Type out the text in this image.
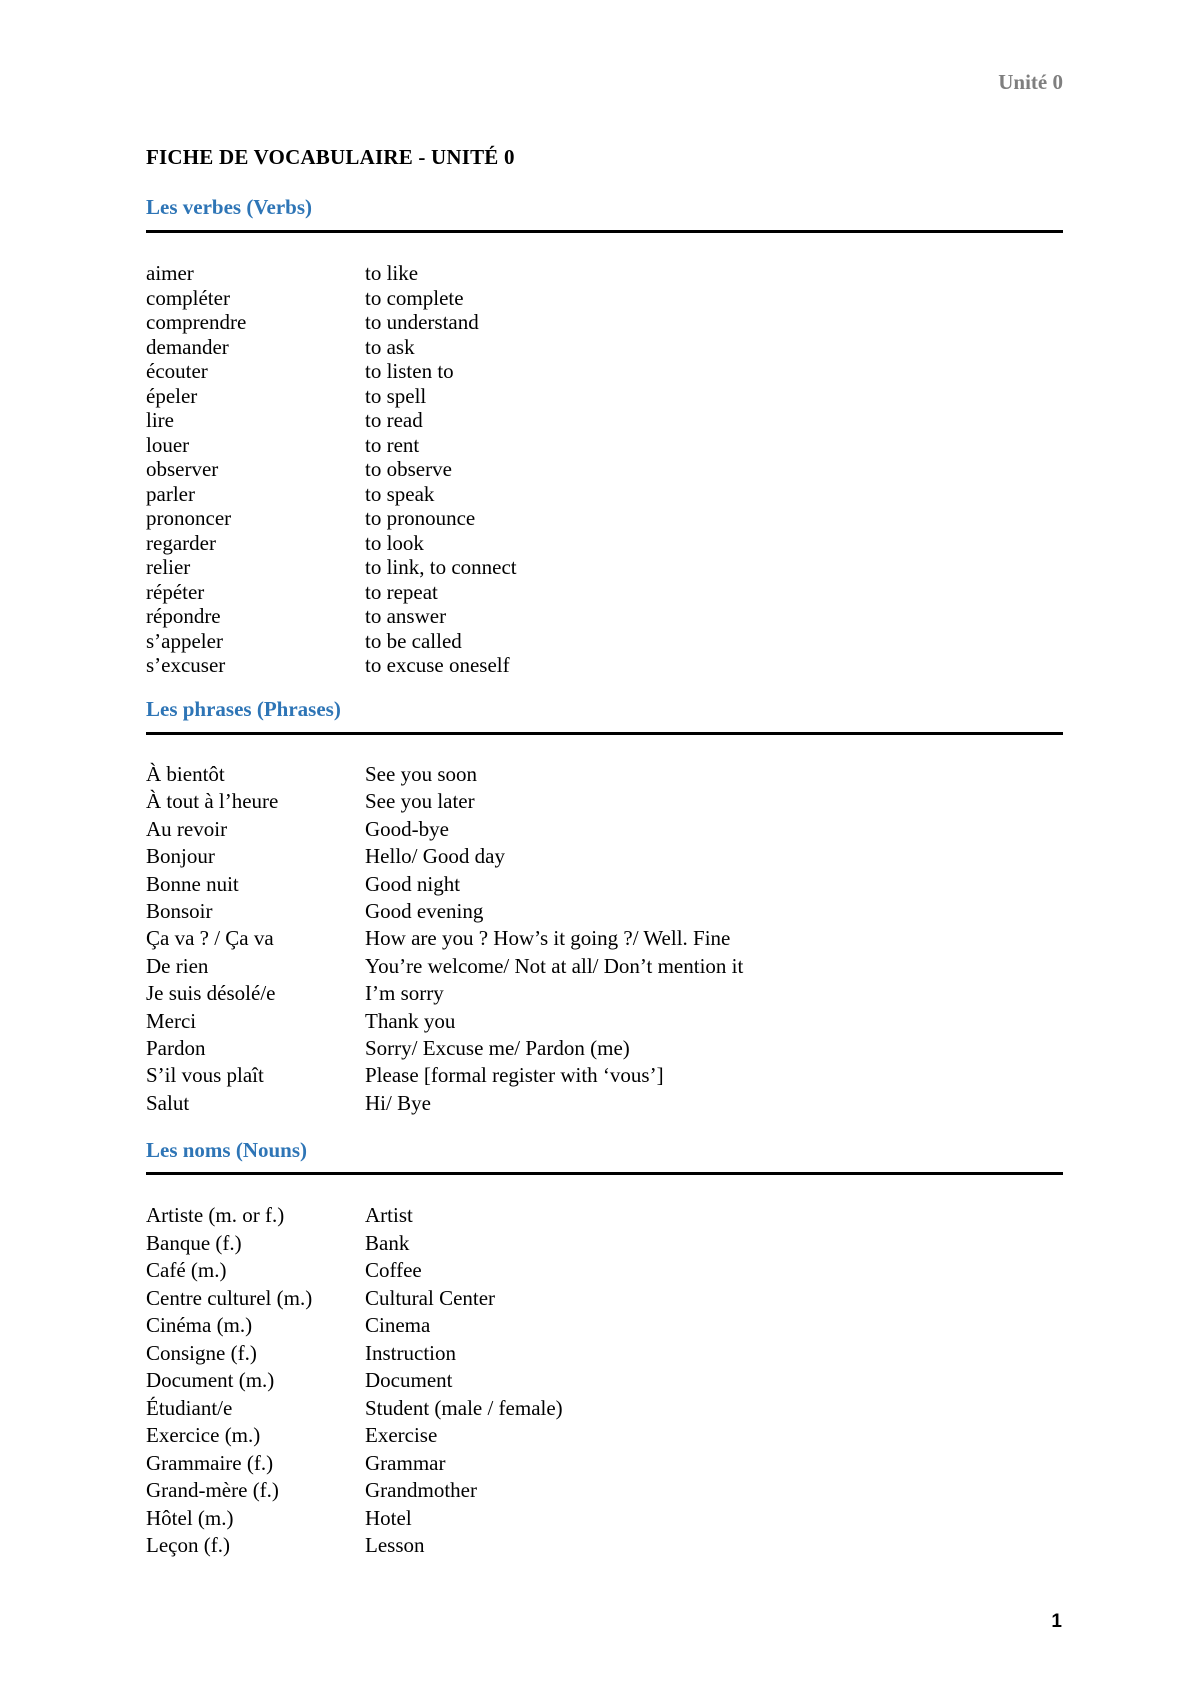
Unité 0
FICHE DE VOCABULAIRE - UNITÉ 0
Les verbes (Verbs)
aimer	to like
compléter	to complete
comprendre	to understand
demander	to ask
écouter	to listen to
épeler	to spell
lire	to read
louer	to rent
observer	to observe
parler	to speak
prononcer	to pronounce
regarder	to look
relier	to link, to connect
répéter	to repeat
répondre	to answer
s’appeler	to be called
s’excuser	to excuse oneself
Les phrases (Phrases)
À bientôt	See you soon
À tout à l’heure	See you later
Au revoir	Good-bye
Bonjour	Hello/ Good day
Bonne nuit	Good night
Bonsoir	Good evening
Ça va ? / Ça va	How are you ? How’s it going ?/ Well. Fine
De rien	You’re welcome/ Not at all/ Don’t mention it
Je suis désolé/e	I’m sorry
Merci	Thank you
Pardon	Sorry/ Excuse me/ Pardon (me)
S’il vous plaît	Please [formal register with ‘vous’]
Salut	Hi/ Bye
Les noms (Nouns)
Artiste (m. or f.)	Artist
Banque (f.)	Bank
Café (m.)	Coffee
Centre culturel (m.)	Cultural Center
Cinéma (m.)	Cinema
Consigne (f.)	Instruction
Document (m.)	Document
Étudiant/e	Student (male / female)
Exercice (m.)	Exercise
Grammaire (f.)	Grammar
Grand-mère (f.)	Grandmother
Hôtel (m.)	Hotel
Leçon (f.)	Lesson
1
